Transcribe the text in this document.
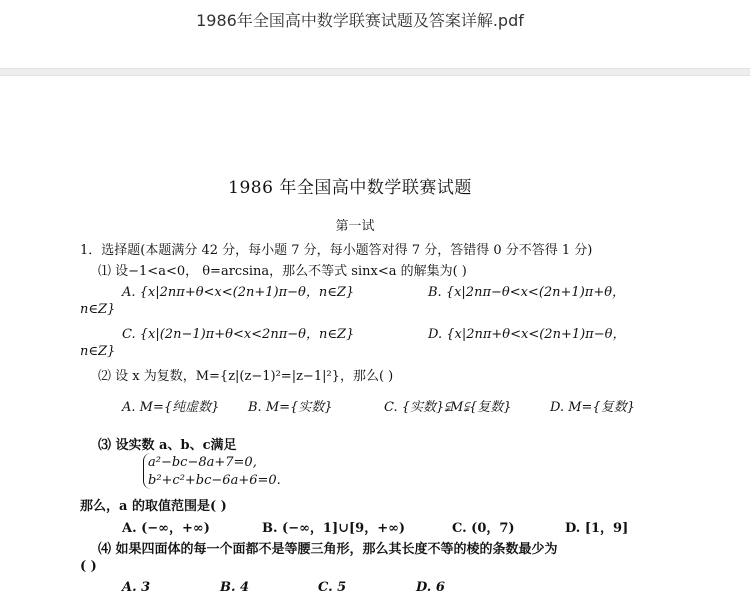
1986年全国高中数学联赛试题及答案详解.pdf
1986 年全国高中数学联赛试题
第一试
1．选择题(本题满分 42 分，每小题 7 分，每小题答对得 7 分，答错得 0 分不答得 1 分)
⑴ 设−1<a<0， θ=arcsina，那么不等式 sinx<a 的解集为( )
A. {x|2nπ+θ<x<(2n+1)π−θ，n∈Z}	B. {x|2nπ−θ<x<(2n+1)π+θ，
n∈Z}
C. {x|(2n−1)π+θ<x<2nπ−θ，n∈Z}	D. {x|2nπ+θ<x<(2n+1)π−θ，
n∈Z}
⑵ 设 x 为复数，M={z|(z−1)²=|z−1|²}，那么( )
A. M={纯虚数} B. M={实数}	C. {实数}⫋M⫋{复数}	D. M={复数}
⑶ 设实数 a、b、c满足
a²−bc−8a+7=0,
b²+c²+bc−6a+6=0.
那么，a 的取值范围是( )
A. (−∞，+∞)	B. (−∞，1]∪[9，+∞)	C. (0，7)	D. [1，9]
⑷ 如果四面体的每一个面都不是等腰三角形，那么其长度不等的棱的条数最少为
( )
A. 3	B. 4	C. 5	D. 6
